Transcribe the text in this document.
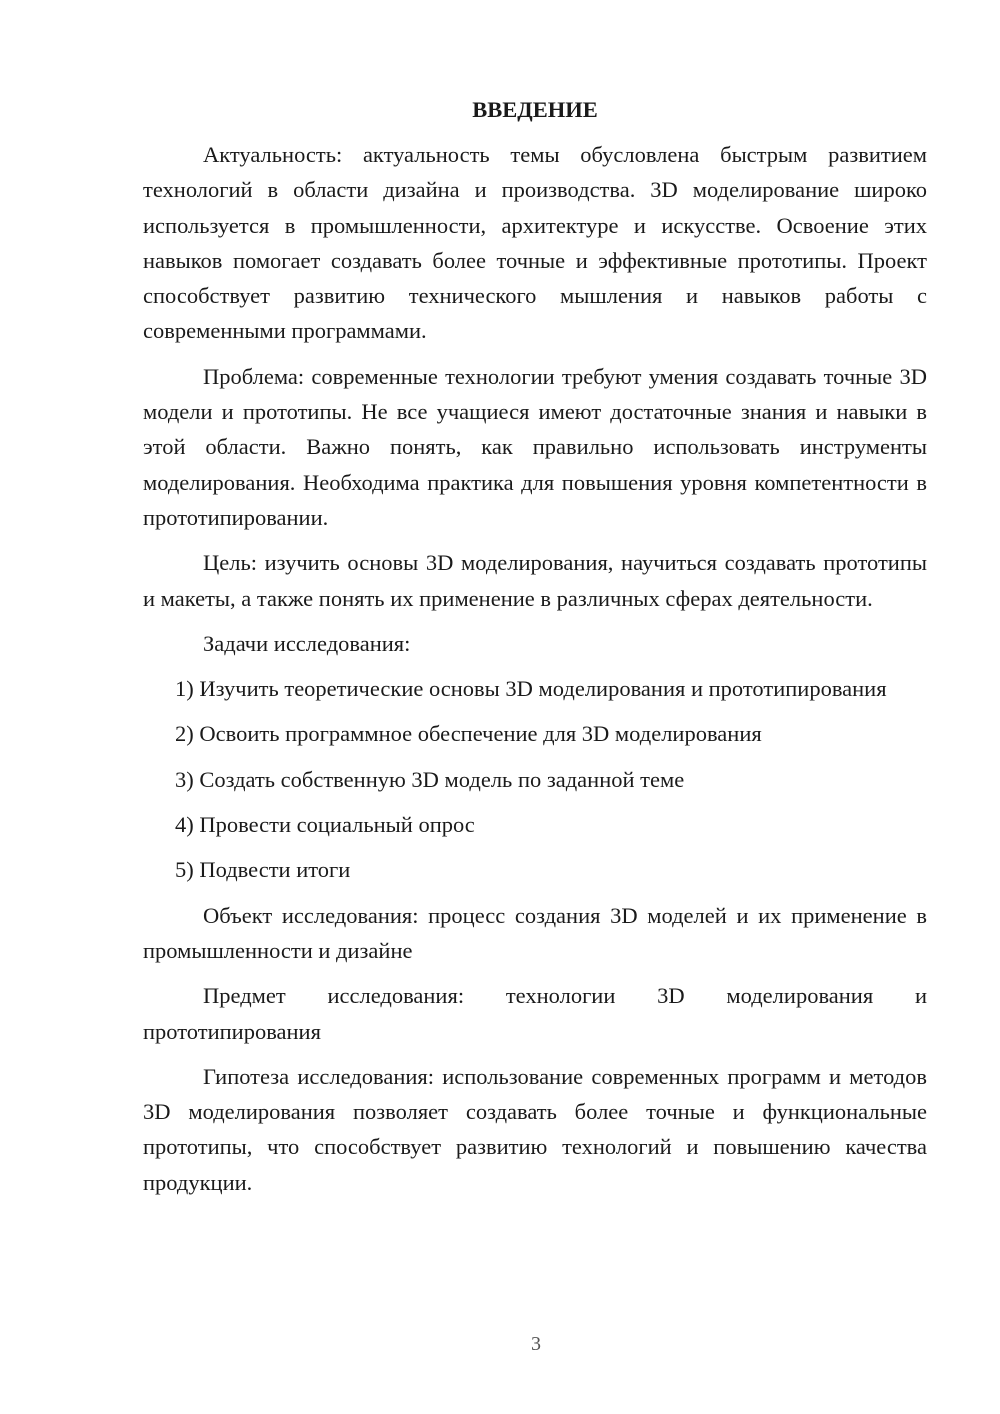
ВВЕДЕНИЕ

Актуальность: актуальность темы обусловлена быстрым развитием технологий в области дизайна и производства. 3D моделирование широко используется в промышленности, архитектуре и искусстве. Освоение этих навыков помогает создавать более точные и эффективные прототипы. Проект способствует развитию технического мышления и навыков работы с современными программами.

Проблема: современные технологии требуют умения создавать точные 3D модели и прототипы. Не все учащиеся имеют достаточные знания и навыки в этой области. Важно понять, как правильно использовать инструменты моделирования. Необходима практика для повышения уровня компетентности в прототипировании.

Цель: изучить основы 3D моделирования, научиться создавать прототипы и макеты, а также понять их применение в различных сферах деятельности.

Задачи исследования:

1) Изучить теоретические основы 3D моделирования и прототипирования

2) Освоить программное обеспечение для 3D моделирования

3) Создать собственную 3D модель по заданной теме

4) Провести социальный опрос

5) Подвести итоги

Объект исследования: процесс создания 3D моделей и их применение в промышленности и дизайне

Предмет исследования: технологии 3D моделирования и прототипирования

Гипотеза исследования: использование современных программ и методов 3D моделирования позволяет создавать более точные и функциональные прототипы, что способствует развитию технологий и повышению качества продукции.

3
